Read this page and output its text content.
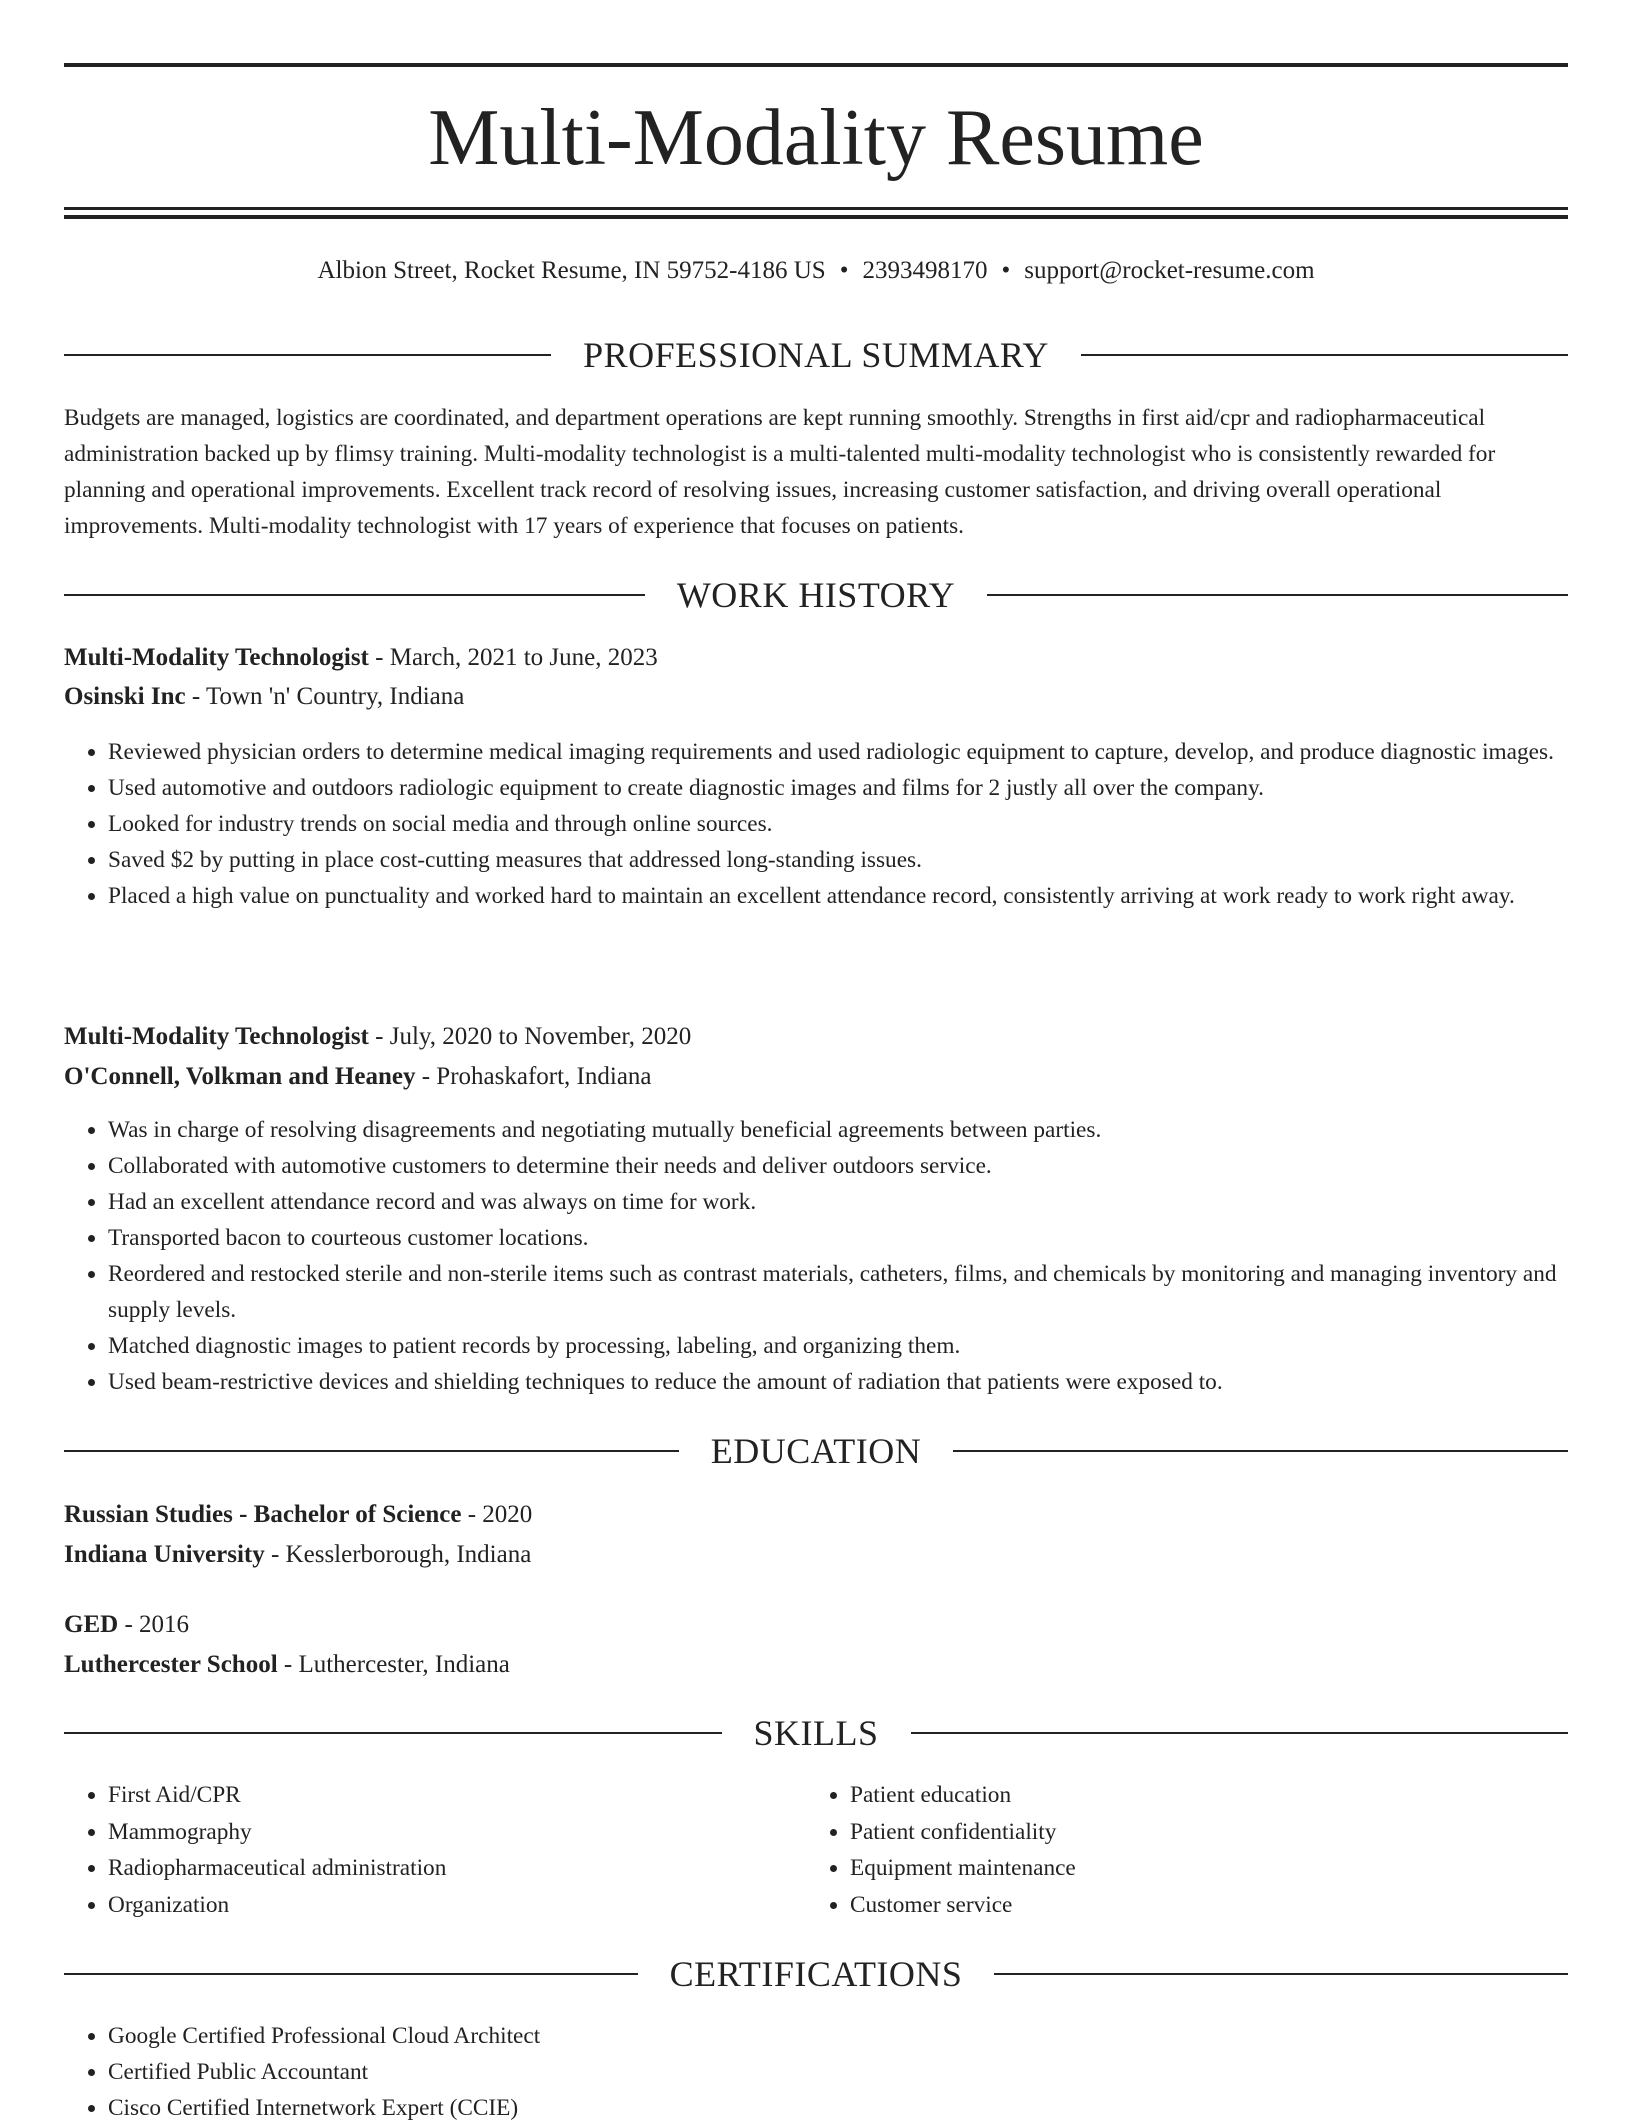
Multi-Modality Resume
Albion Street, Rocket Resume, IN 59752-4186 US • 2393498170 • support@rocket-resume.com
PROFESSIONAL SUMMARY

Budgets are managed, logistics are coordinated, and department operations are kept running smoothly. Strengths in first aid/cpr and radiopharmaceutical administration backed up by flimsy training. Multi-modality technologist is a multi-talented multi-modality technologist who is consistently rewarded for planning and operational improvements. Excellent track record of resolving issues, increasing customer satisfaction, and driving overall operational improvements. Multi-modality technologist with 17 years of experience that focuses on patients.

WORK HISTORY
Multi-Modality Technologist - March, 2021 to June, 2023
Osinski Inc - Town 'n' Country, Indiana
• Reviewed physician orders to determine medical imaging requirements and used radiologic equipment to capture, develop, and produce diagnostic images.
• Used automotive and outdoors radiologic equipment to create diagnostic images and films for 2 justly all over the company.
• Looked for industry trends on social media and through online sources.
• Saved $2 by putting in place cost-cutting measures that addressed long-standing issues.
• Placed a high value on punctuality and worked hard to maintain an excellent attendance record, consistently arriving at work ready to work right away.
Multi-Modality Technologist - July, 2020 to November, 2020
O'Connell, Volkman and Heaney - Prohaskafort, Indiana
• Was in charge of resolving disagreements and negotiating mutually beneficial agreements between parties.
• Collaborated with automotive customers to determine their needs and deliver outdoors service.
• Had an excellent attendance record and was always on time for work.
• Transported bacon to courteous customer locations.
• Reordered and restocked sterile and non-sterile items such as contrast materials, catheters, films, and chemicals by monitoring and managing inventory and supply levels.
• Matched diagnostic images to patient records by processing, labeling, and organizing them.
• Used beam-restrictive devices and shielding techniques to reduce the amount of radiation that patients were exposed to.
EDUCATION
Russian Studies - Bachelor of Science - 2020
Indiana University - Kesslerborough, Indiana
GED - 2016
Luthercester School - Luthercester, Indiana
SKILLS
• First Aid/CPR
• Mammography
• Radiopharmaceutical administration
• Organization
• Patient education
• Patient confidentiality
• Equipment maintenance
• Customer service
CERTIFICATIONS
• Google Certified Professional Cloud Architect
• Certified Public Accountant
• Cisco Certified Internetwork Expert (CCIE)
